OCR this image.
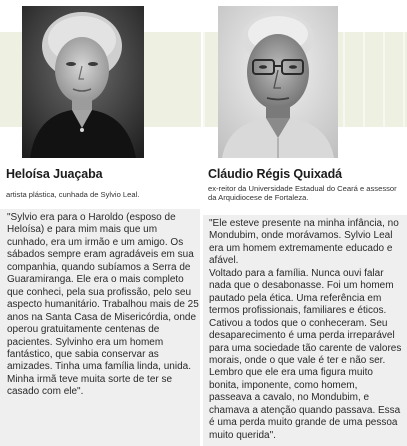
Heloísa Juaçaba
artista plástica, cunhada de Sylvio Leal.
"Sylvio era para o Haroldo (esposo de
Heloísa) e para mim mais que um
cunhado, era um irmão e um amigo. Os
sábados sempre eram agradáveis em sua
companhia, quando subíamos a Serra de
Guaramiranga. Ele era o mais completo
que conheci, pela sua profissão, pelo seu
aspecto humanitário. Trabalhou mais de 25
anos na Santa Casa de Misericórdia, onde
operou gratuitamente centenas de
pacientes. Sylvinho era um homem
fantástico, que sabia conservar as
amizades. Tinha uma família linda, unida.
Minha irmã teve muita sorte de ter se
casado com ele".
Cláudio Régis Quixadá
ex-reitor da Universidade Estadual do Ceará e assessor
da Arquidiocese de Fortaleza.
"Ele esteve presente na minha infância, no
Mondubim, onde morávamos. Sylvio Leal
era um homem extremamente educado e
afável.
Voltado para a família. Nunca ouvi falar
nada que o desabonasse. Foi um homem
pautado pela ética. Uma referência em
termos profissionais, familiares e éticos.
Cativou a todos que o conheceram. Seu
desaparecimento é uma perda irreparável
para uma sociedade tão carente de valores
morais, onde o que vale é ter e não ser.
Lembro que ele era uma figura muito
bonita, imponente, como homem,
passeava a cavalo, no Mondubim, e
chamava a atenção quando passava. Essa
é uma perda muito grande de uma pessoa
muito querida".
